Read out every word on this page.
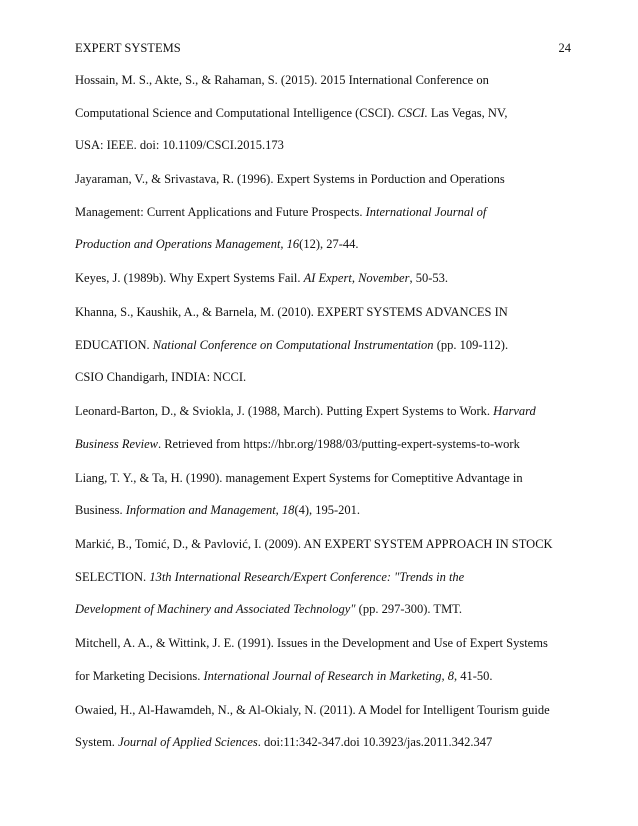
EXPERT SYSTEMS	24
Hossain, M. S., Akte, S., & Rahaman, S. (2015). 2015 International Conference on
Computational Science and Computational Intelligence (CSCI). CSCI. Las Vegas, NV,
USA: IEEE. doi: 10.1109/CSCI.2015.173
Jayaraman, V., & Srivastava, R. (1996). Expert Systems in Porduction and Operations
Management: Current Applications and Future Prospects. International Journal of
Production and Operations Management, 16(12), 27-44.
Keyes, J. (1989b). Why Expert Systems Fail. AI Expert, November, 50-53.
Khanna, S., Kaushik, A., & Barnela, M. (2010). EXPERT SYSTEMS ADVANCES IN
EDUCATION. National Conference on Computational Instrumentation (pp. 109-112).
CSIO Chandigarh, INDIA: NCCI.
Leonard-Barton, D., & Sviokla, J. (1988, March). Putting Expert Systems to Work. Harvard
Business Review. Retrieved from https://hbr.org/1988/03/putting-expert-systems-to-work
Liang, T. Y., & Ta, H. (1990). management Expert Systems for Comeptitive Advantage in
Business. Information and Management, 18(4), 195-201.
Markić, B., Tomić, D., & Pavlović, I. (2009). AN EXPERT SYSTEM APPROACH IN STOCK
SELECTION. 13th International Research/Expert Conference: "Trends in the
Development of Machinery and Associated Technology" (pp. 297-300). TMT.
Mitchell, A. A., & Wittink, J. E. (1991). Issues in the Development and Use of Expert Systems
for Marketing Decisions. International Journal of Research in Marketing, 8, 41-50.
Owaied, H., Al-Hawamdeh, N., & Al-Okialy, N. (2011). A Model for Intelligent Tourism guide
System. Journal of Applied Sciences. doi:11:342-347.doi 10.3923/jas.2011.342.347
